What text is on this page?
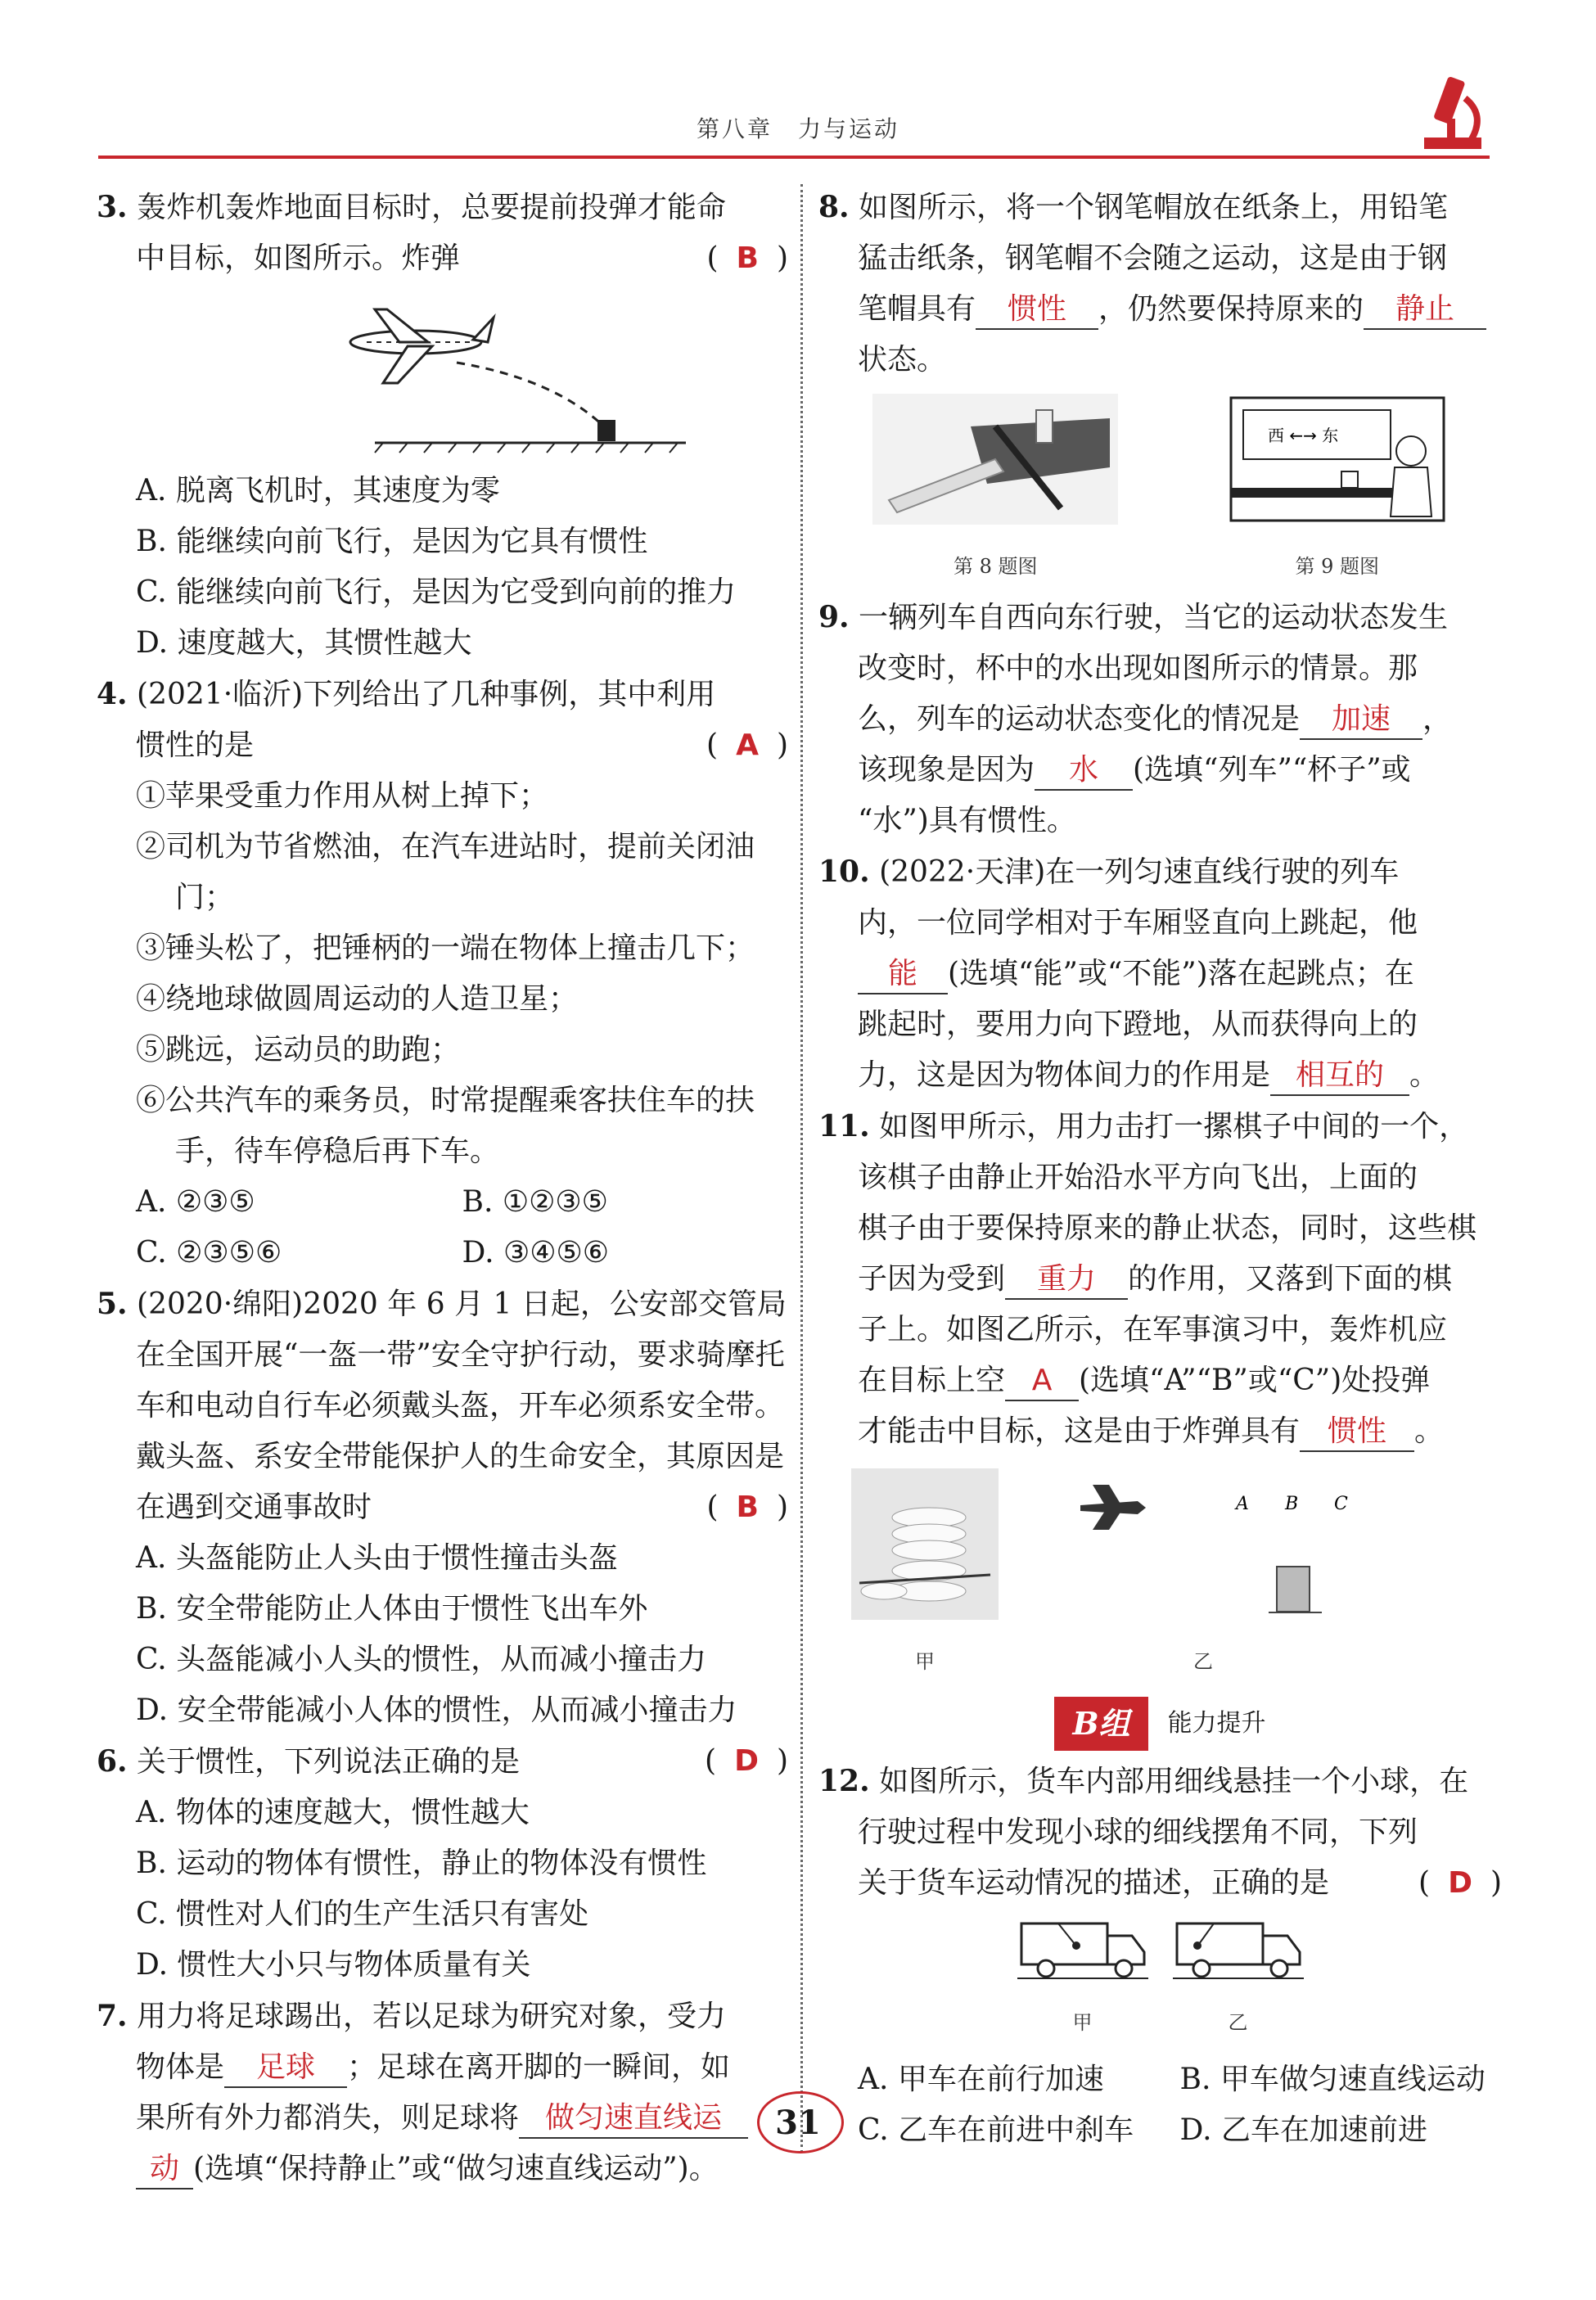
第八章　力与运动
3. 轰炸机轰炸地面目标时，总要提前投弹才能命
中目标，如图所示。炸弹	( B )
A. 脱离飞机时，其速度为零
B. 能继续向前飞行，是因为它具有惯性
C. 能继续向前飞行，是因为它受到向前的推力
D. 速度越大，其惯性越大
4. (2021·临沂)下列给出了几种事例，其中利用
惯性的是	( A )
①苹果受重力作用从树上掉下；
②司机为节省燃油，在汽车进站时，提前关闭油门；
③锤头松了，把锤柄的一端在物体上撞击几下；
④绕地球做圆周运动的人造卫星；
⑤跳远，运动员的助跑；
⑥公共汽车的乘务员，时常提醒乘客扶住车的扶手，待车停稳后再下车。
A. ②③⑤	B. ①②③⑤
C. ②③⑤⑥	D. ③④⑤⑥
5. (2020·绵阳)2020 年 6 月 1 日起，公安部交管局在全国开展“一盔一带”安全守护行动，要求骑摩托车和电动自行车必须戴头盔，开车必须系安全带。戴头盔、系安全带能保护人的生命安全，其原因是在遇到交通事故时	( B )
A. 头盔能防止人头由于惯性撞击头盔
B. 安全带能防止人体由于惯性飞出车外
C. 头盔能减小人头的惯性，从而减小撞击力
D. 安全带能减小人体的惯性，从而减小撞击力
6. 关于惯性，下列说法正确的是	( D )
A. 物体的速度越大，惯性越大
B. 运动的物体有惯性，静止的物体没有惯性
C. 惯性对人们的生产生活只有害处
D. 惯性大小只与物体质量有关
7. 用力将足球踢出，若以足球为研究对象，受力
物体是 足球 ；足球在离开脚的一瞬间，如
果所有外力都消失，则足球将 做匀速直线运
动 (选填“保持静止”或“做匀速直线运动”)。
8. 如图所示，将一个钢笔帽放在纸条上，用铅笔
猛击纸条，钢笔帽不会随之运动，这是由于钢
笔帽具有 惯性 ，仍然要保持原来的 静止
状态。
第 8 题图
西 ←→ 东
第 9 题图
9. 一辆列车自西向东行驶，当它的运动状态发生
改变时，杯中的水出现如图所示的情景。那
么，列车的运动状态变化的情况是 加速 ，
该现象是因为 水 (选填“列车”“杯子”或
“水”)具有惯性。
10. (2022·天津)在一列匀速直线行驶的列车
内，一位同学相对于车厢竖直向上跳起，他
能 (选填“能”或“不能”)落在起跳点；在
跳起时，要用力向下蹬地，从而获得向上的
力，这是因为物体间力的作用是 相互的 。
11. 如图甲所示，用力击打一摞棋子中间的一个，
该棋子由静止开始沿水平方向飞出，上面的
棋子由于要保持原来的静止状态，同时，这些棋
子因为受到 重力 的作用，又落到下面的棋
子上。如图乙所示，在军事演习中，轰炸机应
在目标上空 A (选填“A”“B”或“C”)处投弹
才能击中目标，这是由于炸弹具有 惯性 。
甲
A B C
乙
B组	能力提升
12. 如图所示，货车内部用细线悬挂一个小球，在
行驶过程中发现小球的细线摆角不同，下列
关于货车运动情况的描述，正确的是	( D )
甲	乙
A. 甲车在前行加速	B. 甲车做匀速直线运动
C. 乙车在前进中刹车	D. 乙车在加速前进
31
